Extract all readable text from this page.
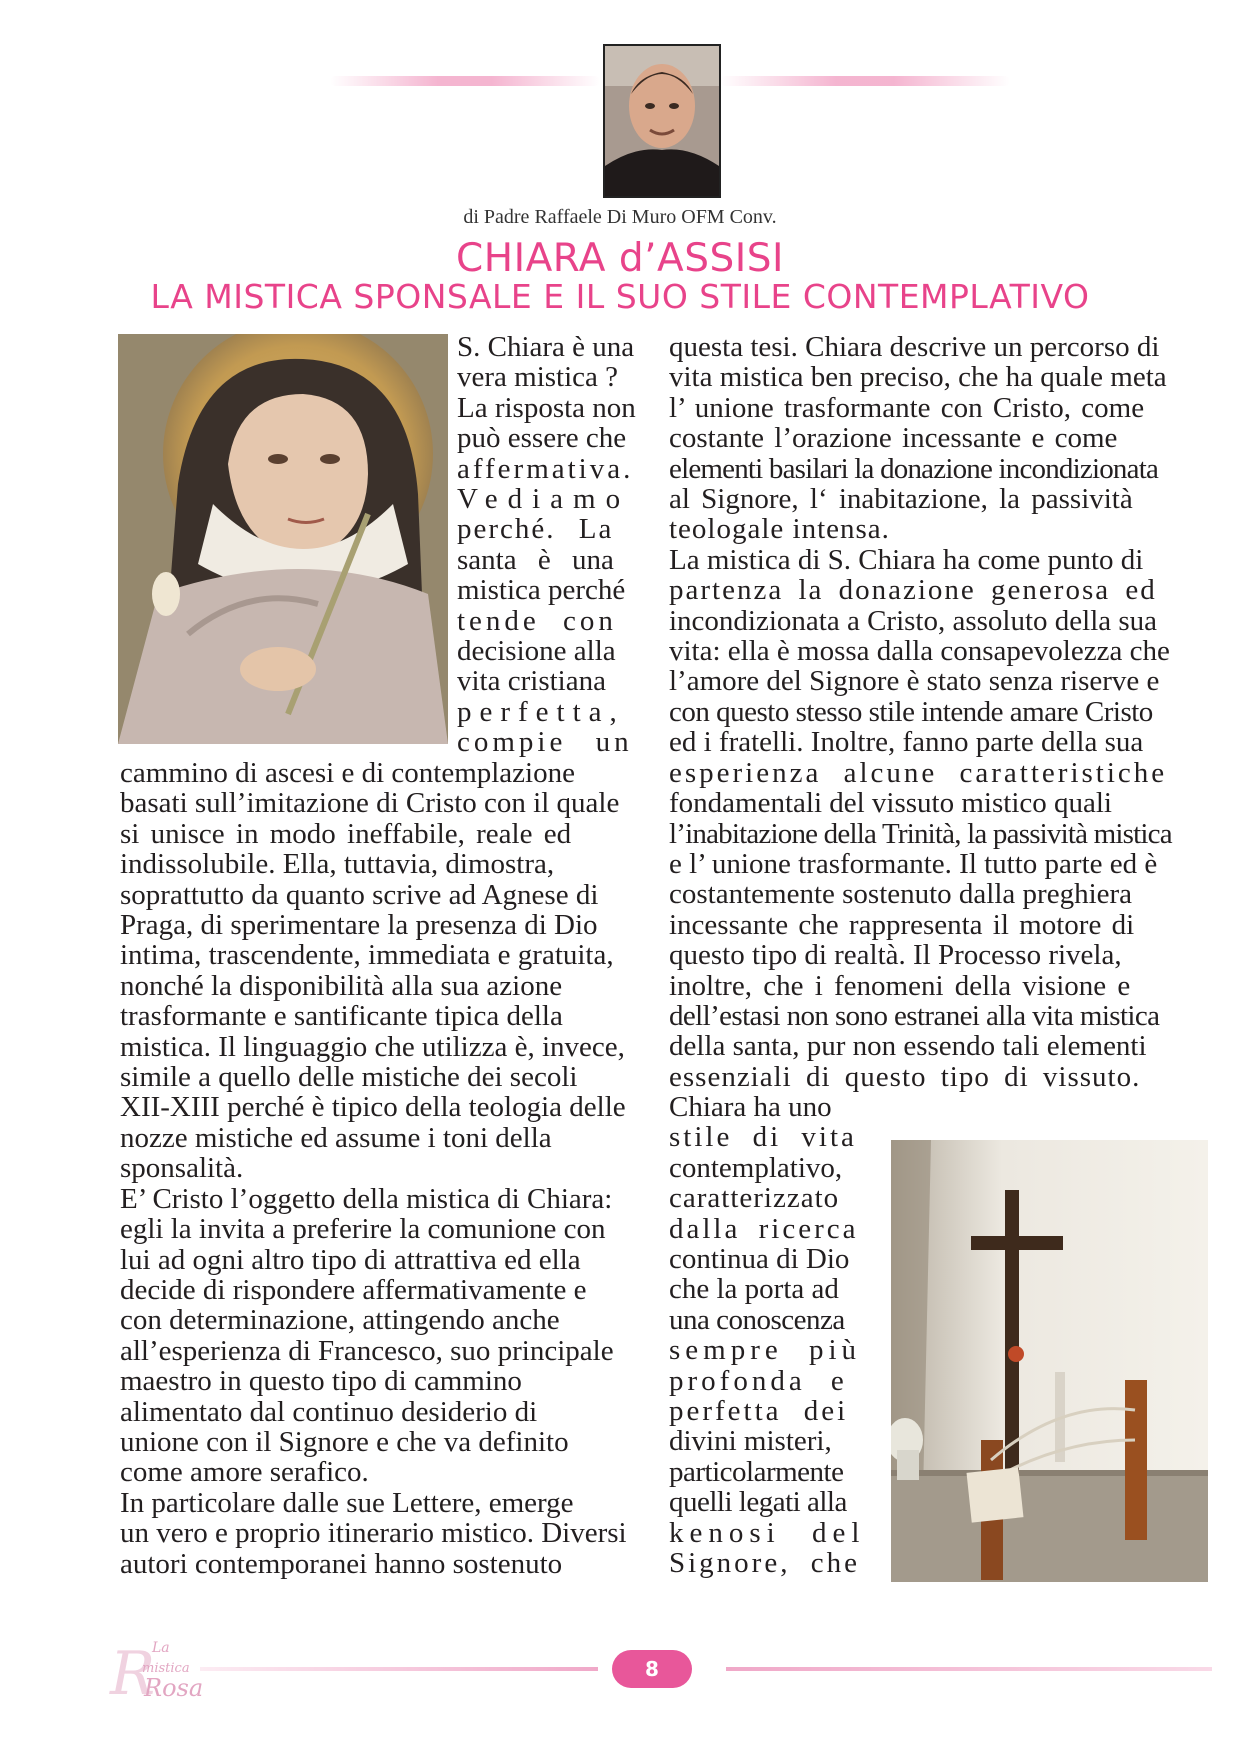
di Padre Raffaele Di Muro OFM Conv.
CHIARA d’ASSISI
LA MISTICA SPONSALE E IL SUO STILE CONTEMPLATIVO

S. Chiara è una
vera mistica ?
La risposta non
può essere che
affermativa.
Vediamo
perché. La
santa è una
mistica perché
tende con
decisione alla
vita cristiana
perfetta,
compie un

cammino di ascesi e di contemplazione
basati sull’imitazione di Cristo con il quale
si unisce in modo ineffabile, reale ed
indissolubile. Ella, tuttavia, dimostra,
soprattutto da quanto scrive ad Agnese di
Praga, di sperimentare la presenza di Dio
intima, trascendente, immediata e gratuita,
nonché la disponibilità alla sua azione
trasformante e santificante tipica della
mistica. Il linguaggio che utilizza è, invece,
simile a quello delle mistiche dei secoli
XII-XIII perché è tipico della teologia delle
nozze mistiche ed assume i toni della
sponsalità.
E’ Cristo l’oggetto della mistica di Chiara:
egli la invita a preferire la comunione con
lui ad ogni altro tipo di attrattiva ed ella
decide di rispondere affermativamente e
con determinazione, attingendo anche
all’esperienza di Francesco, suo principale
maestro in questo tipo di cammino
alimentato dal continuo desiderio di
unione con il Signore e che va definito
come amore serafico.
In particolare dalle sue Lettere, emerge
un vero e proprio itinerario mistico. Diversi
autori contemporanei hanno sostenuto

questa tesi. Chiara descrive un percorso di
vita mistica ben preciso, che ha quale meta
l’ unione trasformante con Cristo, come
costante l’orazione incessante e come
elementi basilari la donazione incondizionata
al Signore, l‘ inabitazione, la passività
teologale intensa.
La mistica di S. Chiara ha come punto di
partenza la donazione generosa ed
incondizionata a Cristo, assoluto della sua
vita: ella è mossa dalla consapevolezza che
l’amore del Signore è stato senza riserve e
con questo stesso stile intende amare Cristo
ed i fratelli. Inoltre, fanno parte della sua
esperienza alcune caratteristiche
fondamentali del vissuto mistico quali
l’inabitazione della Trinità, la passività mistica
e l’ unione trasformante. Il tutto parte ed è
costantemente sostenuto dalla preghiera
incessante che rappresenta il motore di
questo tipo di realtà. Il Processo rivela,
inoltre, che i fenomeni della visione e
dell’estasi non sono estranei alla vita mistica
della santa, pur non essendo tali elementi
essenziali di questo tipo di vissuto.

Chiara ha uno
stile di vita
contemplativo,
caratterizzato
dalla ricerca
continua di Dio
che la porta ad
una conoscenza
sempre più
profonda e
perfetta dei
divini misteri,
particolarmente
quelli legati alla
kenosi del
Signore, che

La
R
mistica
Rosa
8
